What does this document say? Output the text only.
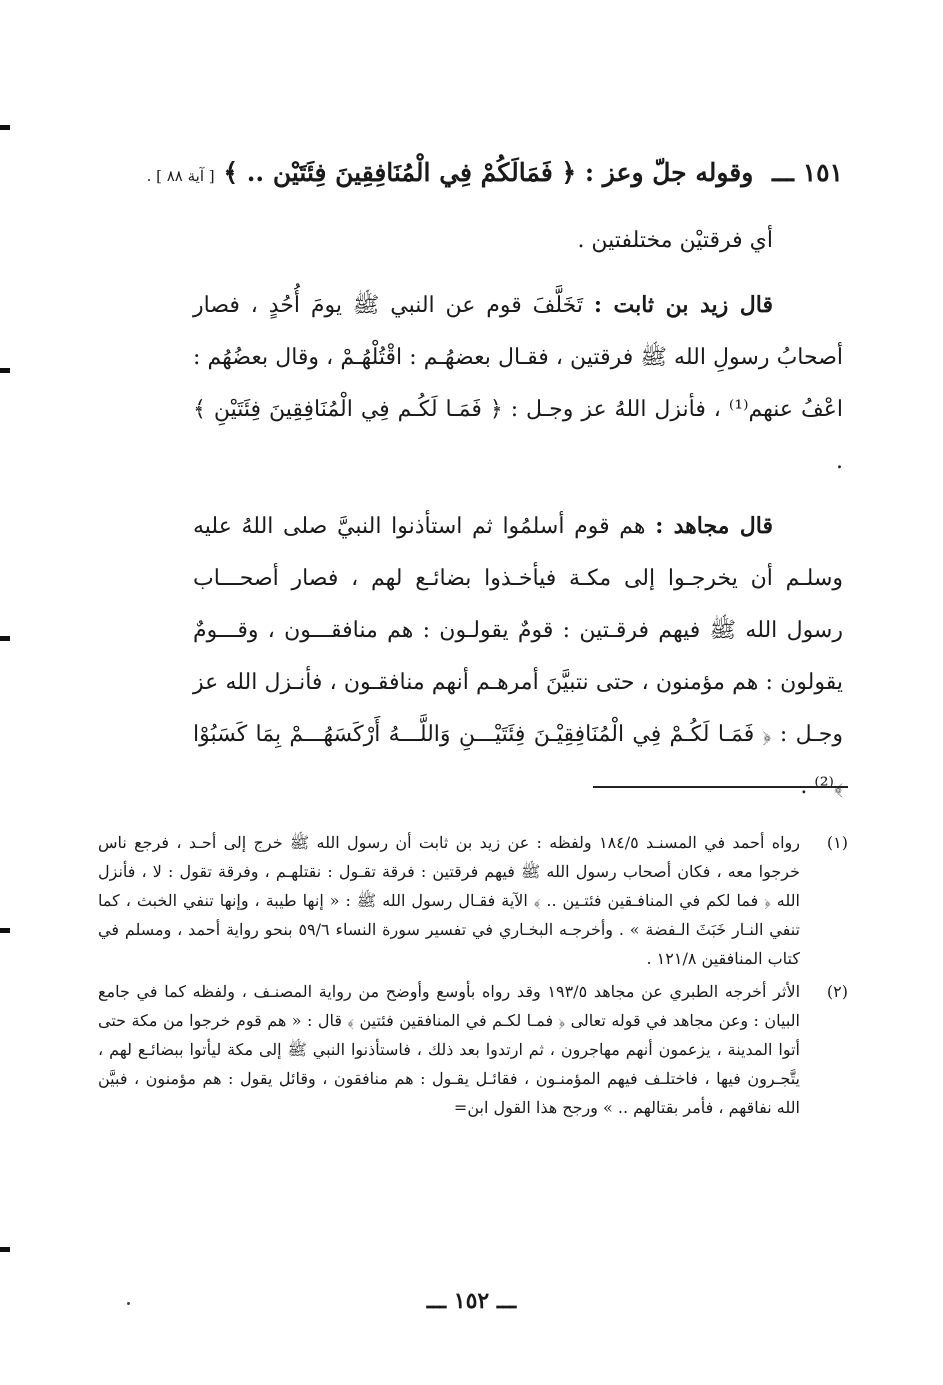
١٥١ ـــ وقوله جلّ وعز : ﴿ فَمَالَكُمْ فِي الْمُنَافِقِينَ فِئَتَيْن .. ﴾ [ آية ٨٨ ] .

أي فرقتيْن مختلفتين .

قال زيد بن ثابت : تَخَلَّفَ قوم عن النبي ﷺ يومَ أُحُدٍ ، فصار أصحابُ رسولِ الله ﷺ فرقتين ، فقـال بعضهُـم : اقْتُلْهُـمْ ، وقال بعضُهُم : اعْفُ عنهم⁽¹⁾ ، فأنزل اللهُ عز وجـل : ﴿ فَمَـا لَكُـم فِي الْمُنَافِقِينَ فِئَتَيْنِ ﴾ .

قال مجاهد : هم قوم أسلمُوا ثم استأذنوا النبيَّ صلى اللهُ عليه وسلـم أن يخرجـوا إلى مكـة فيأخـذوا بضائـع لهم ، فصار أصحـــاب رسول الله ﷺ فيهم فرقـتين : قومٌ يقولـون : هم منافقـــون ، وقـــومٌ يقولون : هم مؤمنون ، حتى نتبيَّنَ أمرهـم أنهم منافقـون ، فأنـزل الله عز وجـل : ﴿ فَمَـا لَكُـمْ فِي الْمُنَافِقِيْـنَ فِئَتَيْـــنِ وَاللَّـــهُ أَرْكَسَهُـــمْ بِمَا كَسَبُوْا ﴾⁽²⁾ .

(١)
رواه أحمد في المسنـد ١٨٤/٥ ولفظه : عن زيد بن ثابت أن رسول الله ﷺ خرج إلى أحـد ، فرجع ناس خرجوا معه ، فكان أصحاب رسول الله ﷺ فيهم فرقتين : فرقة تقـول : نقتلهـم ، وفرقة تقول : لا ، فأنزل الله ﴿ فما لكم في المنافـقين فئتـين .. ﴾ الآية فقـال رسول الله ﷺ : « إنها طيبة ، وإنها تنفي الخبث ، كما تنفي النـار خَبَثَ الـفضة » . وأخرجـه البخـاري في تفسير سورة النساء ٥٩/٦ بنحو رواية أحمد ، ومسلم في كتاب المنافقين ١٢١/٨ .
(٢)
الأثر أخرجه الطبري عن مجاهد ١٩٣/٥ وقد رواه بأوسع وأوضح من رواية المصنـف ، ولفظه كما في جامع البيان : وعن مجاهد في قوله تعالى ﴿ فمـا لكـم في المنافقين فئتين ﴾ قال : « هم قوم خرجوا من مكة حتى أتوا المدينة ، يزعمون أنهم مهاجرون ، ثم ارتدوا بعد ذلك ، فاستأذنوا النبي ﷺ إلى مكة ليأتوا ببضائـع لهم ، يتَّجـرون فيها ، فاختلـف فيهم المؤمنـون ، فقائـل يقـول : هم منافقون ، وقائل يقول : هم مؤمنون ، فبيَّن الله نفاقهم ، فأمر بقتالهم .. » ورجح هذا القول ابن=
ـــ ١٥٢ ـــ
